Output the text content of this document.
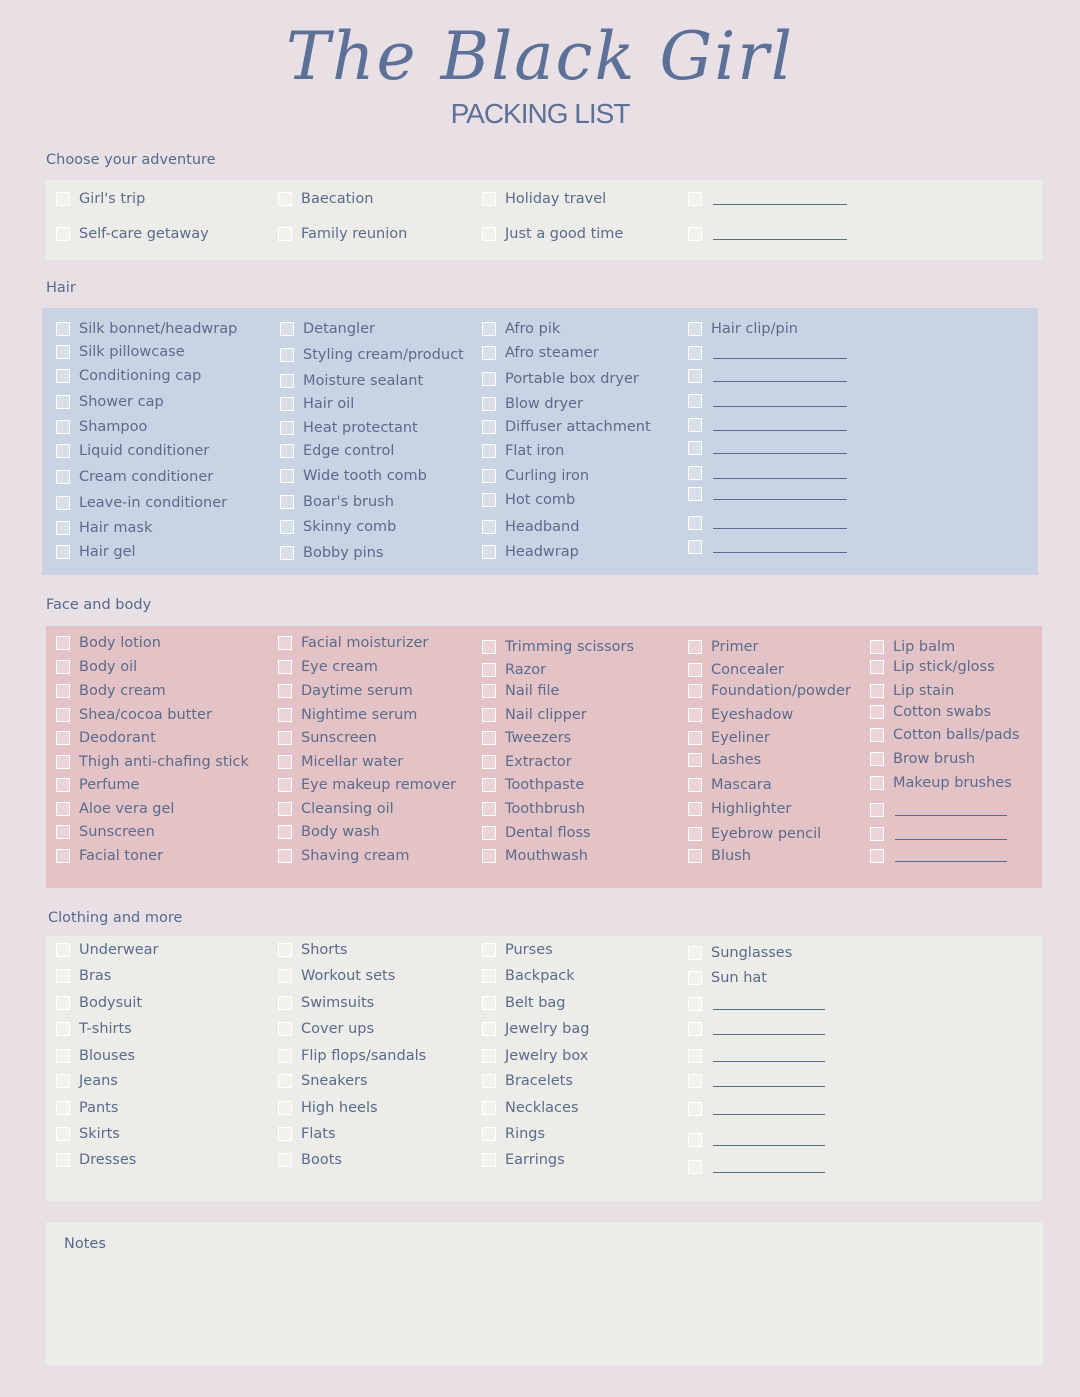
The Black Girl
PACKING LIST
Choose your adventure
Hair
Face and body
Clothing and more
Notes
Girl's trip
Self-care getaway
Baecation
Family reunion
Holiday travel
Just a good time
Silk bonnet/headwrap
Silk pillowcase
Conditioning cap
Shower cap
Shampoo
Liquid conditioner
Cream conditioner
Leave-in conditioner
Hair mask
Hair gel
Detangler
Styling cream/product
Moisture sealant
Hair oil
Heat protectant
Edge control
Wide tooth comb
Boar's brush
Skinny comb
Bobby pins
Afro pik
Afro steamer
Portable box dryer
Blow dryer
Diffuser attachment
Flat iron
Curling iron
Hot comb
Headband
Headwrap
Hair clip/pin
Body lotion
Body oil
Body cream
Shea/cocoa butter
Deodorant
Thigh anti-chafing stick
Perfume
Aloe vera gel
Sunscreen
Facial toner
Facial moisturizer
Eye cream
Daytime serum
Nightime serum
Sunscreen
Micellar water
Eye makeup remover
Cleansing oil
Body wash
Shaving cream
Trimming scissors
Razor
Nail file
Nail clipper
Tweezers
Extractor
Toothpaste
Toothbrush
Dental floss
Mouthwash
Primer
Concealer
Foundation/powder
Eyeshadow
Eyeliner
Lashes
Mascara
Highlighter
Eyebrow pencil
Blush
Lip balm
Lip stick/gloss
Lip stain
Cotton swabs
Cotton balls/pads
Brow brush
Makeup brushes
Underwear
Bras
Bodysuit
T-shirts
Blouses
Jeans
Pants
Skirts
Dresses
Shorts
Workout sets
Swimsuits
Cover ups
Flip flops/sandals
Sneakers
High heels
Flats
Boots
Purses
Backpack
Belt bag
Jewelry bag
Jewelry box
Bracelets
Necklaces
Rings
Earrings
Sunglasses
Sun hat
